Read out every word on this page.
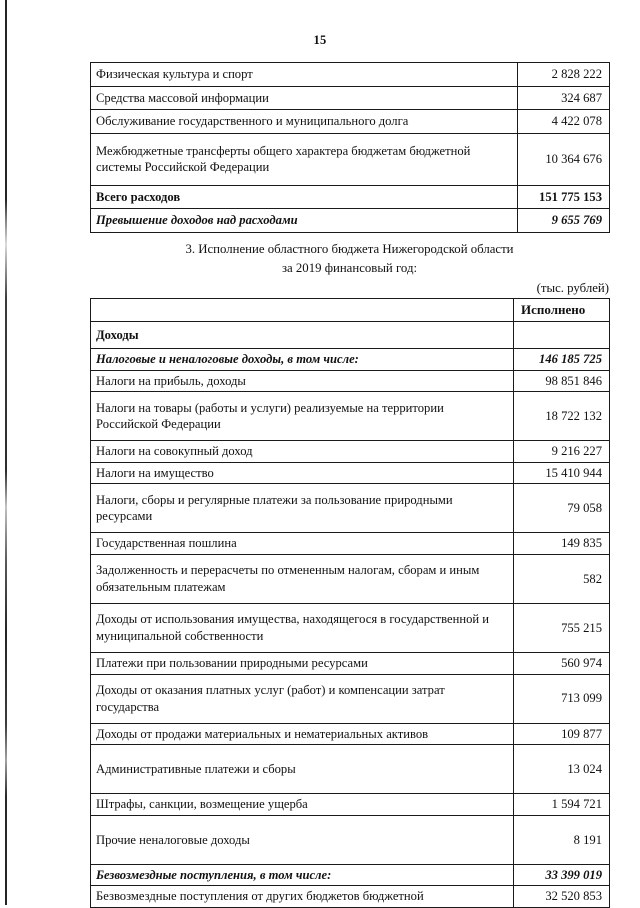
15
Физическая культура и спорт	2 828 222
Средства массовой информации	324 687
Обслуживание государственного и муниципального долга	4 422 078
Межбюджетные трансферты общего характера бюджетам бюджетной системы Российской Федерации	10 364 676
Всего расходов	151 775 153
Превышение доходов над расходами	9 655 769
3. Исполнение областного бюджета Нижегородской области
за 2019 финансовый год:
(тыс. рублей)
	Исполнено
Доходы	
Налоговые и неналоговые доходы, в том числе:	146 185 725
Налоги на прибыль, доходы	98 851 846
Налоги на товары (работы и услуги) реализуемые на территории Российской Федерации	18 722 132
Налоги на совокупный доход	9 216 227
Налоги на имущество	15 410 944
Налоги, сборы и регулярные платежи за пользование природными ресурсами	79 058
Государственная пошлина	149 835
Задолженность и перерасчеты по отмененным налогам, сборам и иным обязательным платежам	582
Доходы от использования имущества, находящегося в государственной и муниципальной собственности	755 215
Платежи при пользовании природными ресурсами	560 974
Доходы от оказания платных услуг (работ) и компенсации затрат государства	713 099
Доходы от продажи материальных и нематериальных активов	109 877
Административные платежи и сборы	13 024
Штрафы, санкции, возмещение ущерба	1 594 721
Прочие неналоговые доходы	8 191
Безвозмездные поступления, в том числе:	33 399 019
Безвозмездные поступления от других бюджетов бюджетной	32 520 853
